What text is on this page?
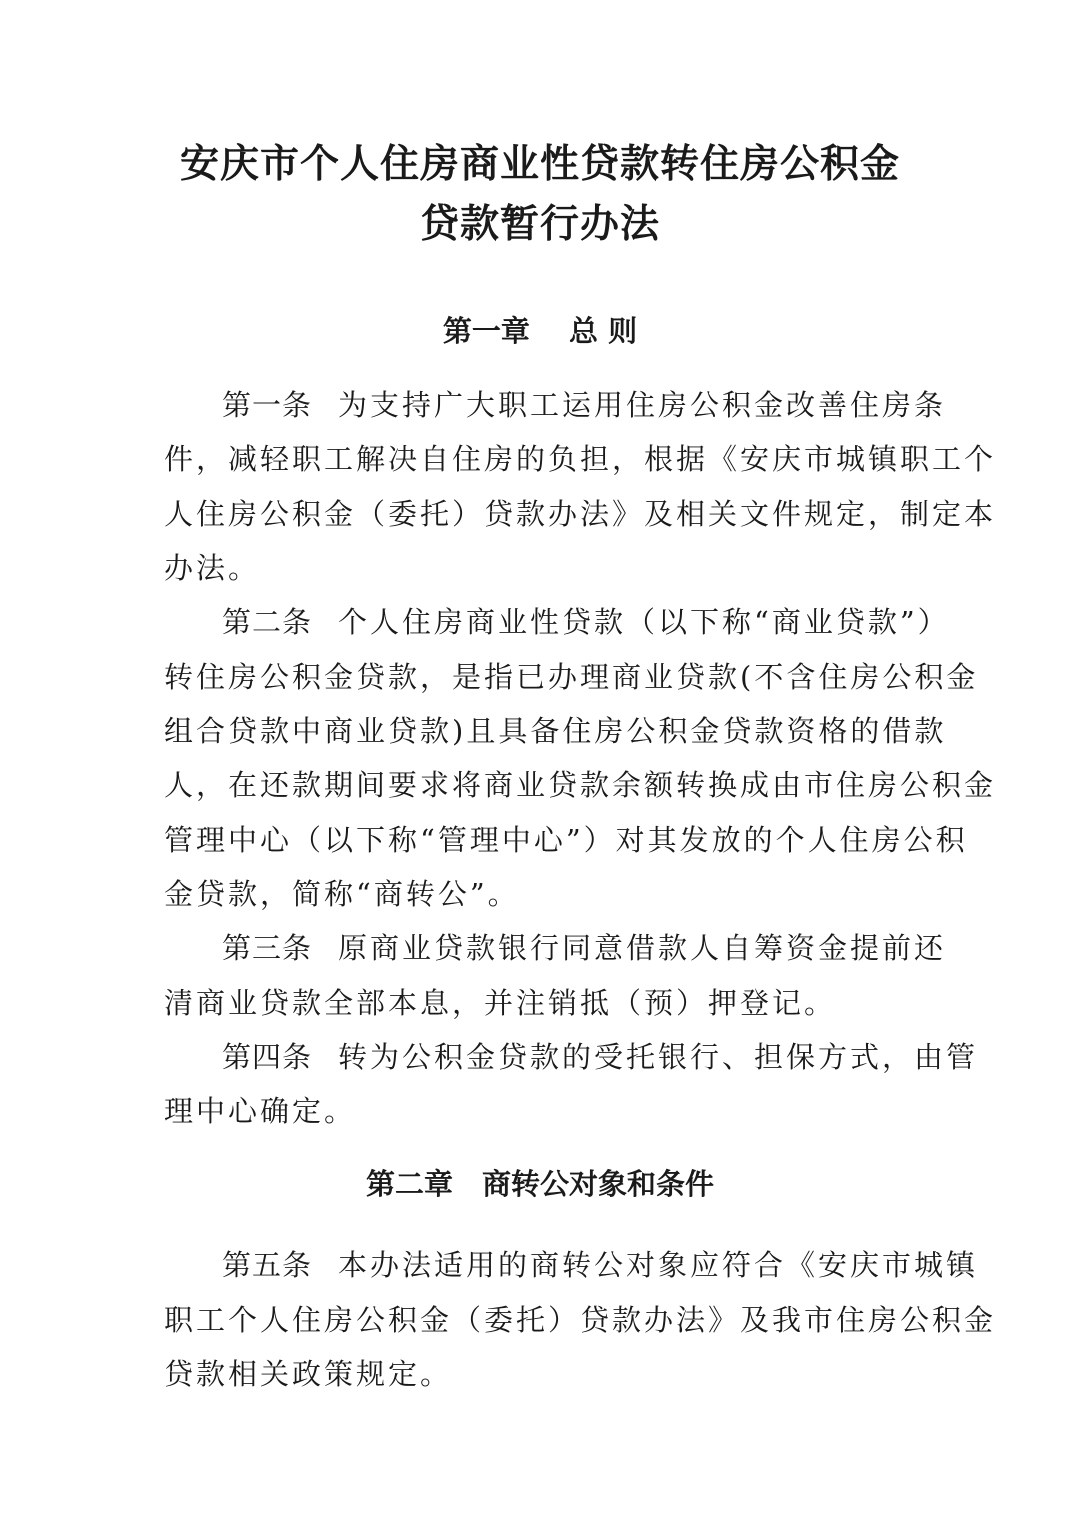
安庆市个人住房商业性贷款转住房公积金
贷款暂行办法
第一章　 总 则
第一条 为支持广大职工运用住房公积金改善住房条
件，减轻职工解决自住房的负担，根据《安庆市城镇职工个
人住房公积金（委托）贷款办法》及相关文件规定，制定本
办法。
第二条 个人住房商业性贷款（以下称“商业贷款”）
转住房公积金贷款，是指已办理商业贷款(不含住房公积金
组合贷款中商业贷款)且具备住房公积金贷款资格的借款
人，在还款期间要求将商业贷款余额转换成由市住房公积金
管理中心（以下称“管理中心”）对其发放的个人住房公积
金贷款，简称“商转公”。
第三条 原商业贷款银行同意借款人自筹资金提前还
清商业贷款全部本息，并注销抵（预）押登记。
第四条 转为公积金贷款的受托银行、担保方式，由管
理中心确定。
第二章　商转公对象和条件
第五条 本办法适用的商转公对象应符合《安庆市城镇
职工个人住房公积金（委托）贷款办法》及我市住房公积金
贷款相关政策规定。
